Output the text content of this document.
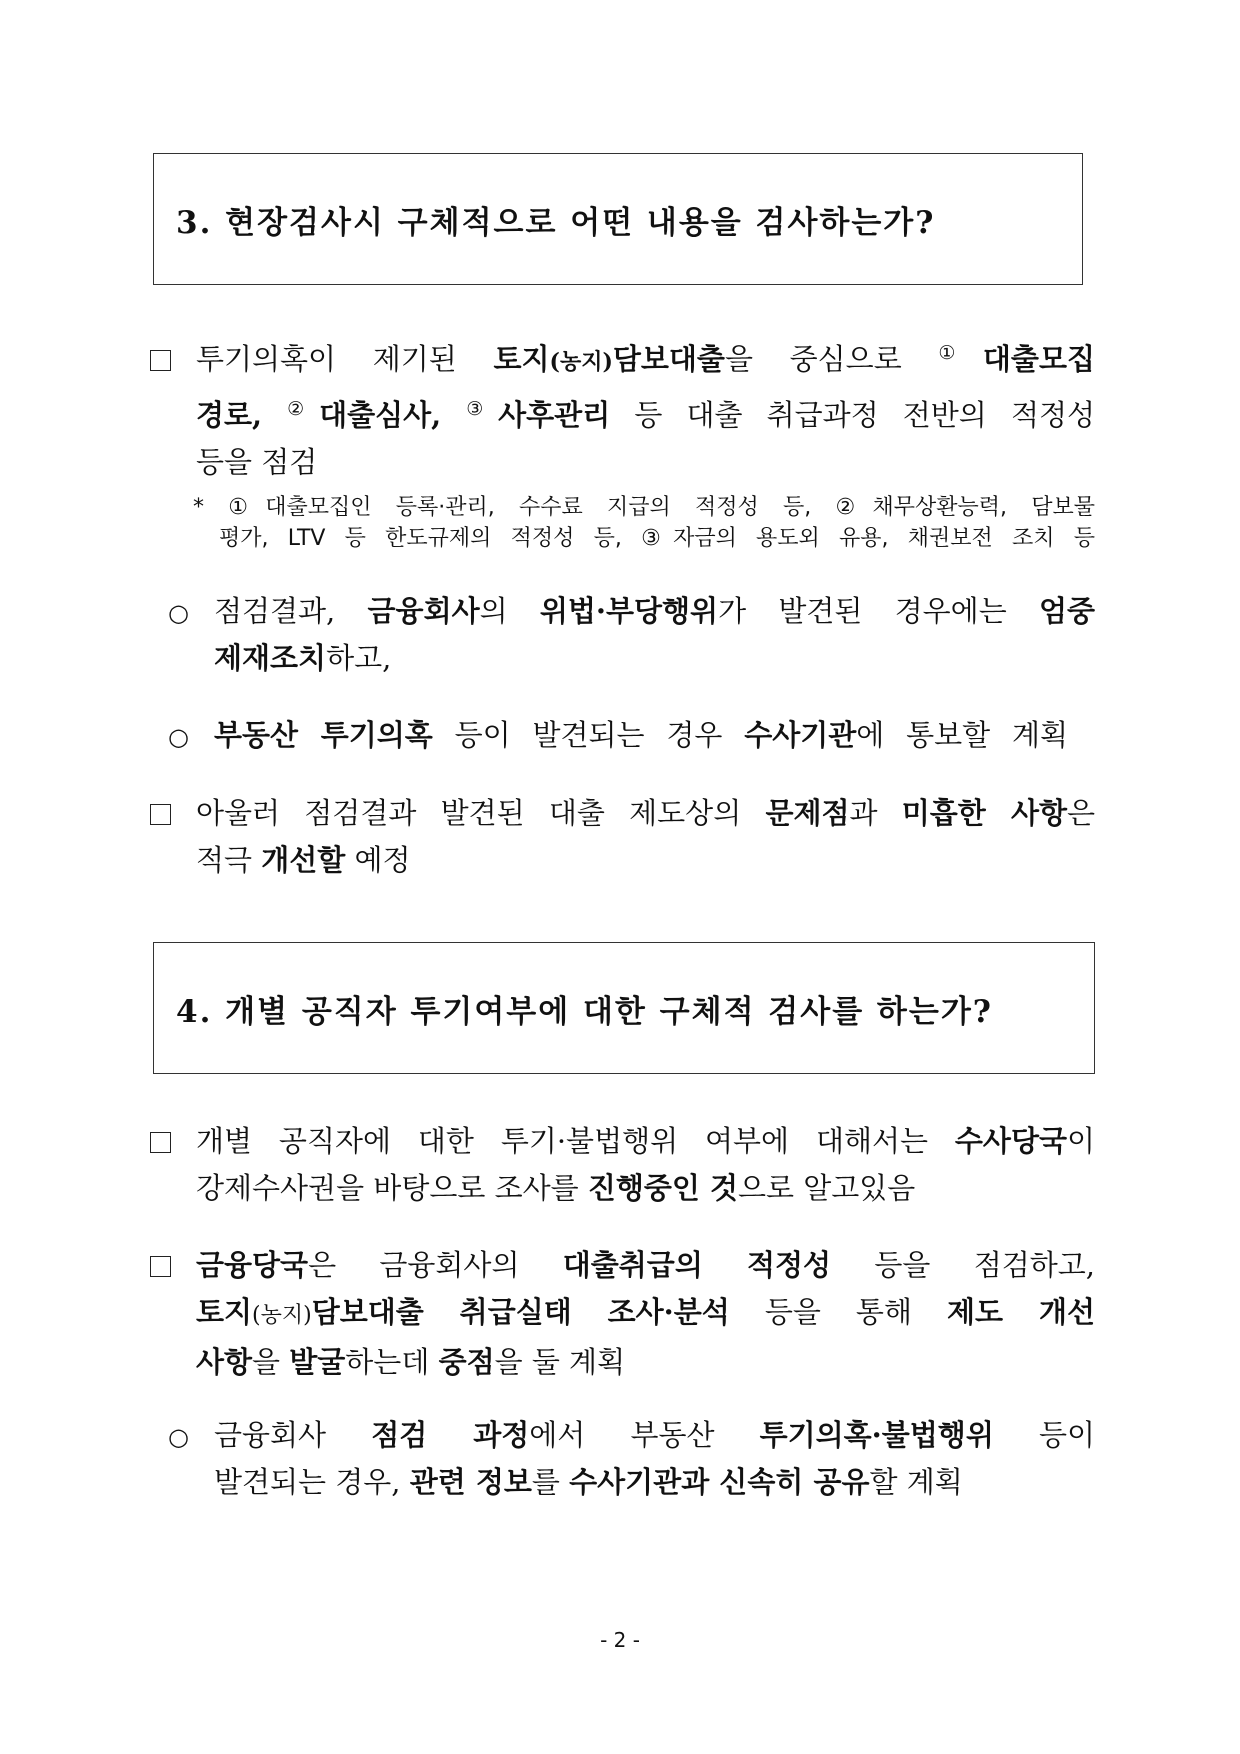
3. 현장검사시 구체적으로 어떤 내용을 검사하는가?
투기의혹이 제기된 토지(농지)담보대출을 중심으로 ①대출모집
경로, ②대출심사, ③사후관리 등 대출 취급과정 전반의 적정성
등을 점검
* ①대출모집인 등록·관리, 수수료 지급의 적정성 등, ②채무상환능력, 담보물
평가, LTV 등 한도규제의 적정성 등, ③자금의 용도외 유용, 채권보전 조치 등
○ 점검결과, 금융회사의 위법·부당행위가 발견된 경우에는 엄중
제재조치하고,
○ 부동산 투기의혹 등이 발견되는 경우 수사기관에 통보할 계획
아울러 점검결과 발견된 대출 제도상의 문제점과 미흡한 사항은
적극 개선할 예정
4. 개별 공직자 투기여부에 대한 구체적 검사를 하는가?
개별 공직자에 대한 투기·불법행위 여부에 대해서는 수사당국이
강제수사권을 바탕으로 조사를 진행중인 것으로 알고있음
금융당국은 금융회사의 대출취급의 적정성 등을 점검하고,
토지(농지)담보대출 취급실태 조사·분석 등을 통해 제도 개선
사항을 발굴하는데 중점을 둘 계획
○ 금융회사 점검 과정에서 부동산 투기의혹·불법행위 등이
발견되는 경우, 관련 정보를 수사기관과 신속히 공유할 계획
- 2 -
